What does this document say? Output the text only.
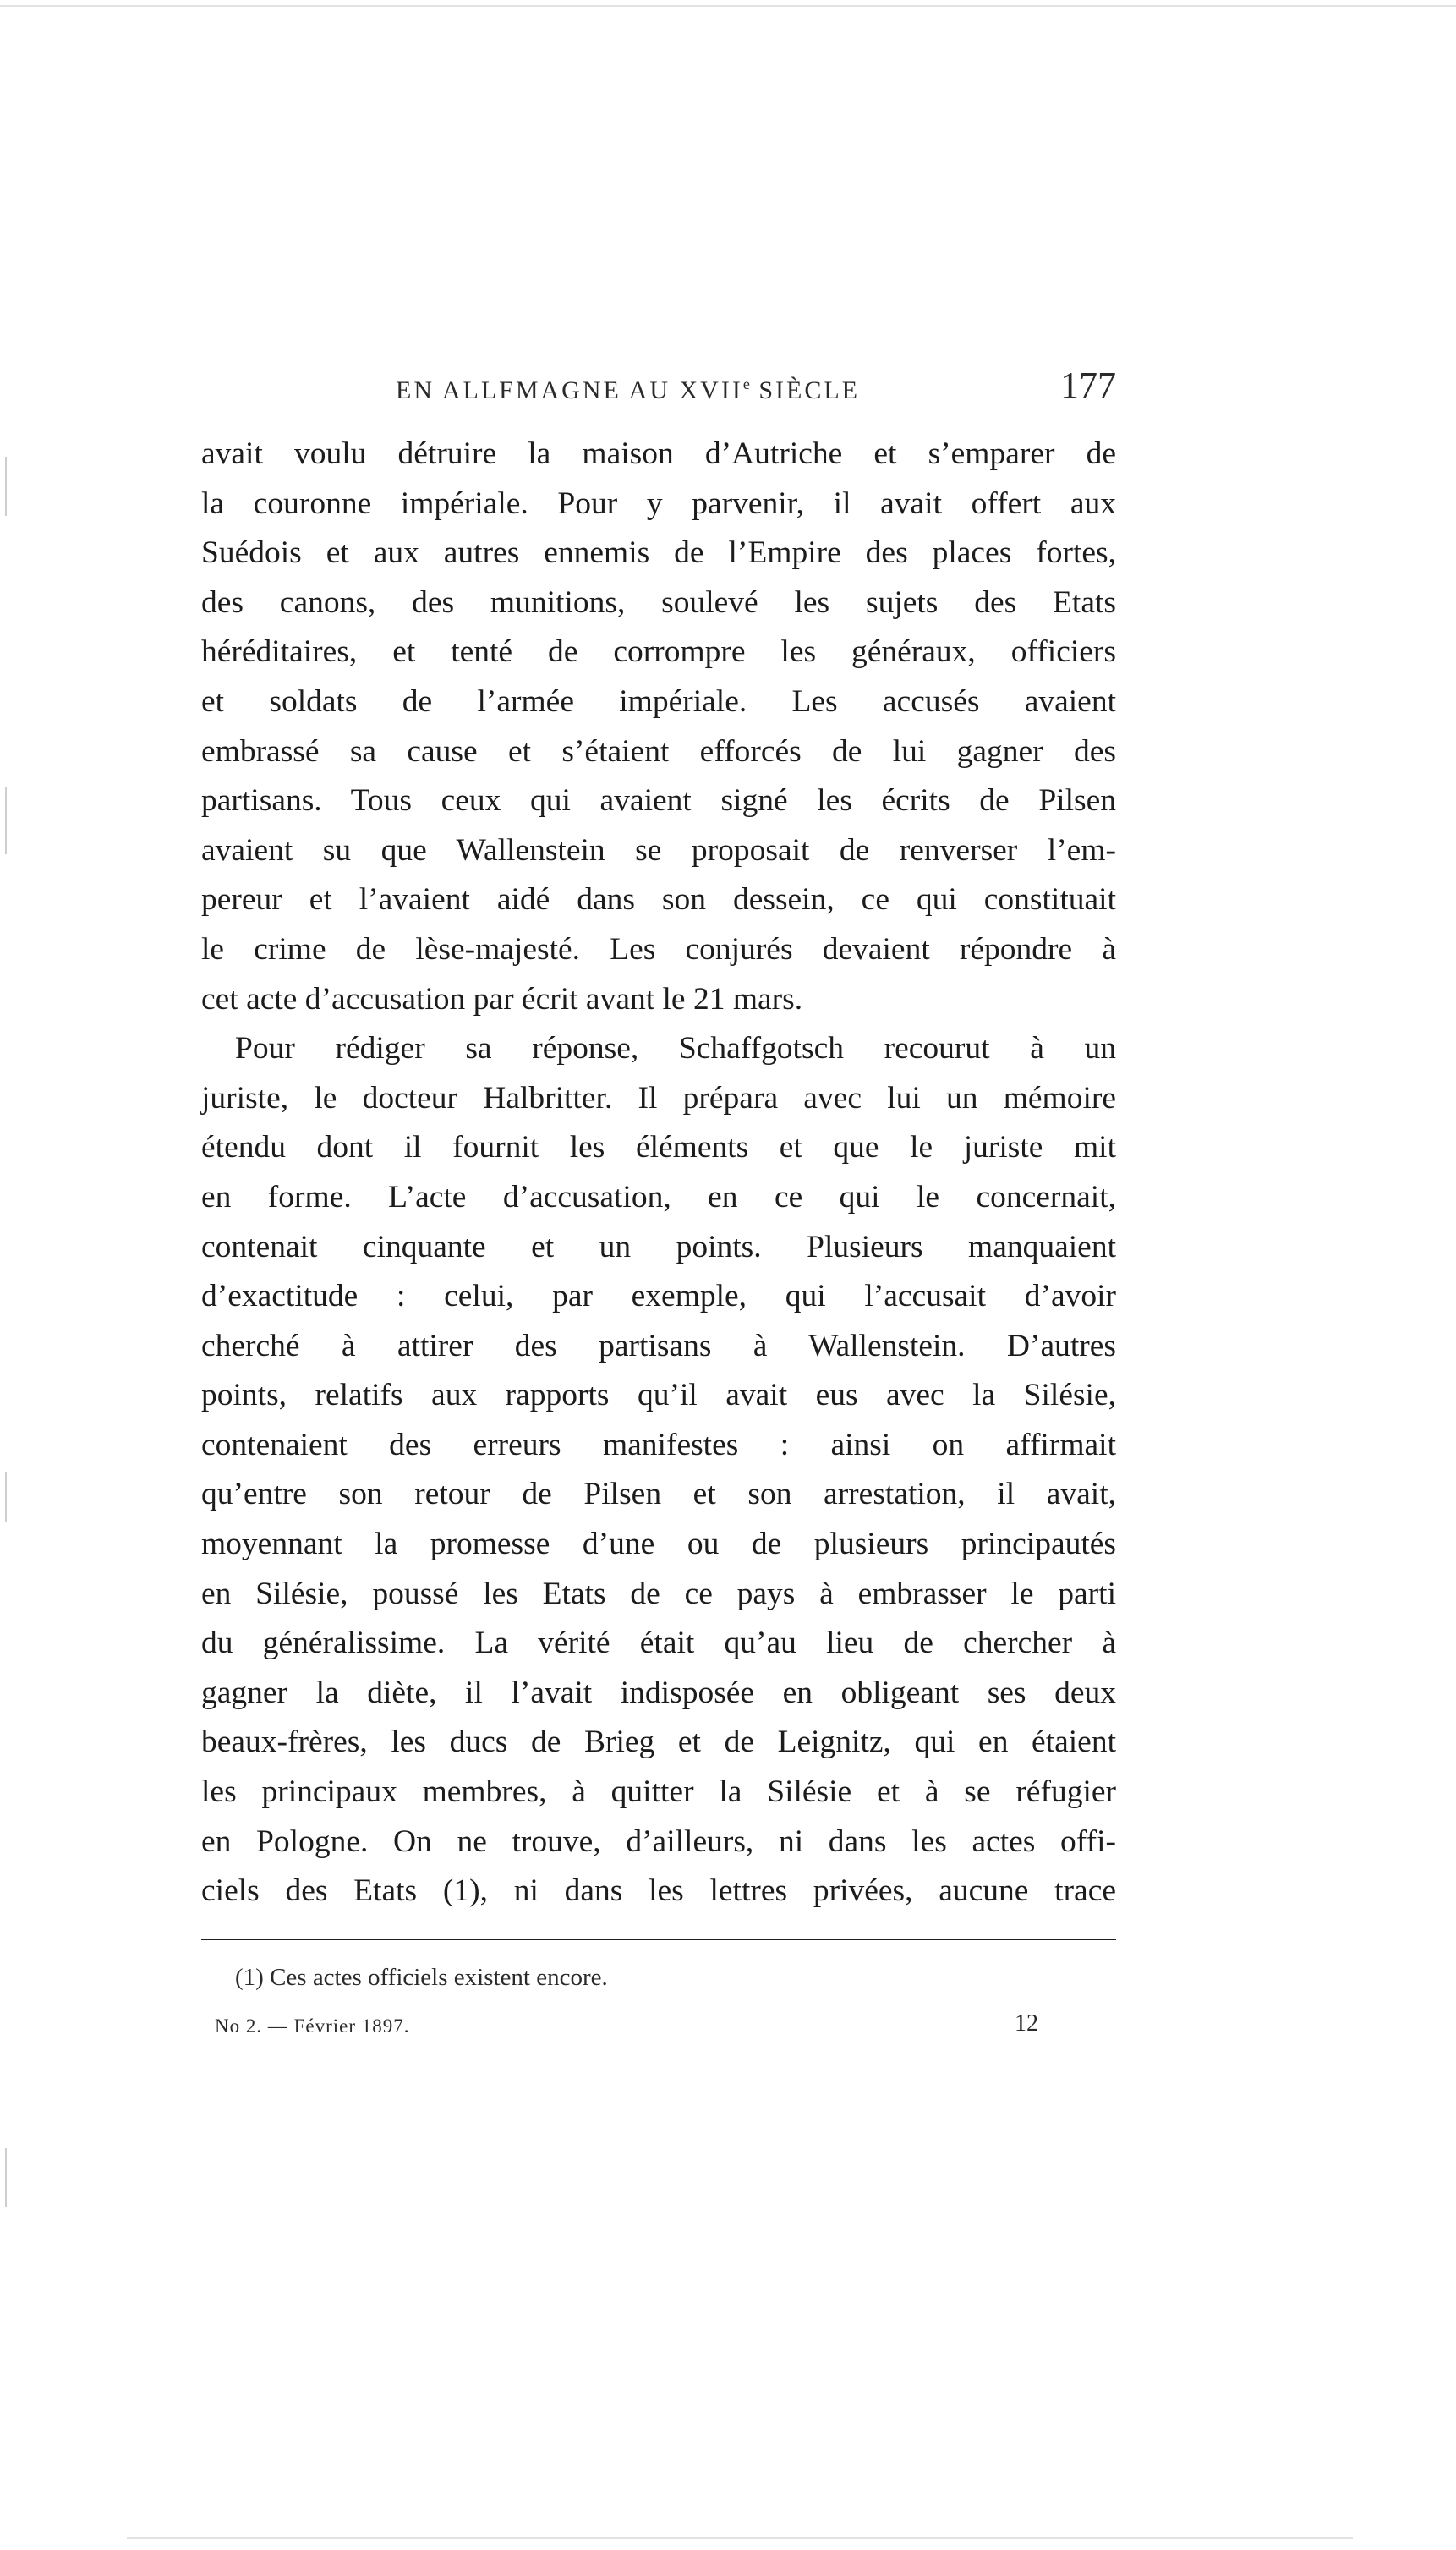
EN ALLFMAGNE AU XVIIe SIÈCLE	177
avait voulu détruire la maison d’Autriche et s’emparer de
la couronne impériale. Pour y parvenir, il avait offert aux
Suédois et aux autres ennemis de l’Empire des places fortes,
des canons, des munitions, soulevé les sujets des Etats
héréditaires, et tenté de corrompre les généraux, officiers
et soldats de l’armée impériale. Les accusés avaient
embrassé sa cause et s’étaient efforcés de lui gagner des
partisans. Tous ceux qui avaient signé les écrits de Pilsen
avaient su que Wallenstein se proposait de renverser l’em-
pereur et l’avaient aidé dans son dessein, ce qui constituait
le crime de lèse-majesté. Les conjurés devaient répondre à
cet acte d’accusation par écrit avant le 21 mars.
Pour rédiger sa réponse, Schaffgotsch recourut à un
juriste, le docteur Halbritter. Il prépara avec lui un mémoire
étendu dont il fournit les éléments et que le juriste mit
en forme. L’acte d’accusation, en ce qui le concernait,
contenait cinquante et un points. Plusieurs manquaient
d’exactitude : celui, par exemple, qui l’accusait d’avoir
cherché à attirer des partisans à Wallenstein. D’autres
points, relatifs aux rapports qu’il avait eus avec la Silésie,
contenaient des erreurs manifestes : ainsi on affirmait
qu’entre son retour de Pilsen et son arrestation, il avait,
moyennant la promesse d’une ou de plusieurs principautés
en Silésie, poussé les Etats de ce pays à embrasser le parti
du généralissime. La vérité était qu’au lieu de chercher à
gagner la diète, il l’avait indisposée en obligeant ses deux
beaux-frères, les ducs de Brieg et de Leignitz, qui en étaient
les principaux membres, à quitter la Silésie et à se réfugier
en Pologne. On ne trouve, d’ailleurs, ni dans les actes offi-
ciels des Etats (1), ni dans les lettres privées, aucune trace
(1) Ces actes officiels existent encore.
No 2. — Février 1897.	12
